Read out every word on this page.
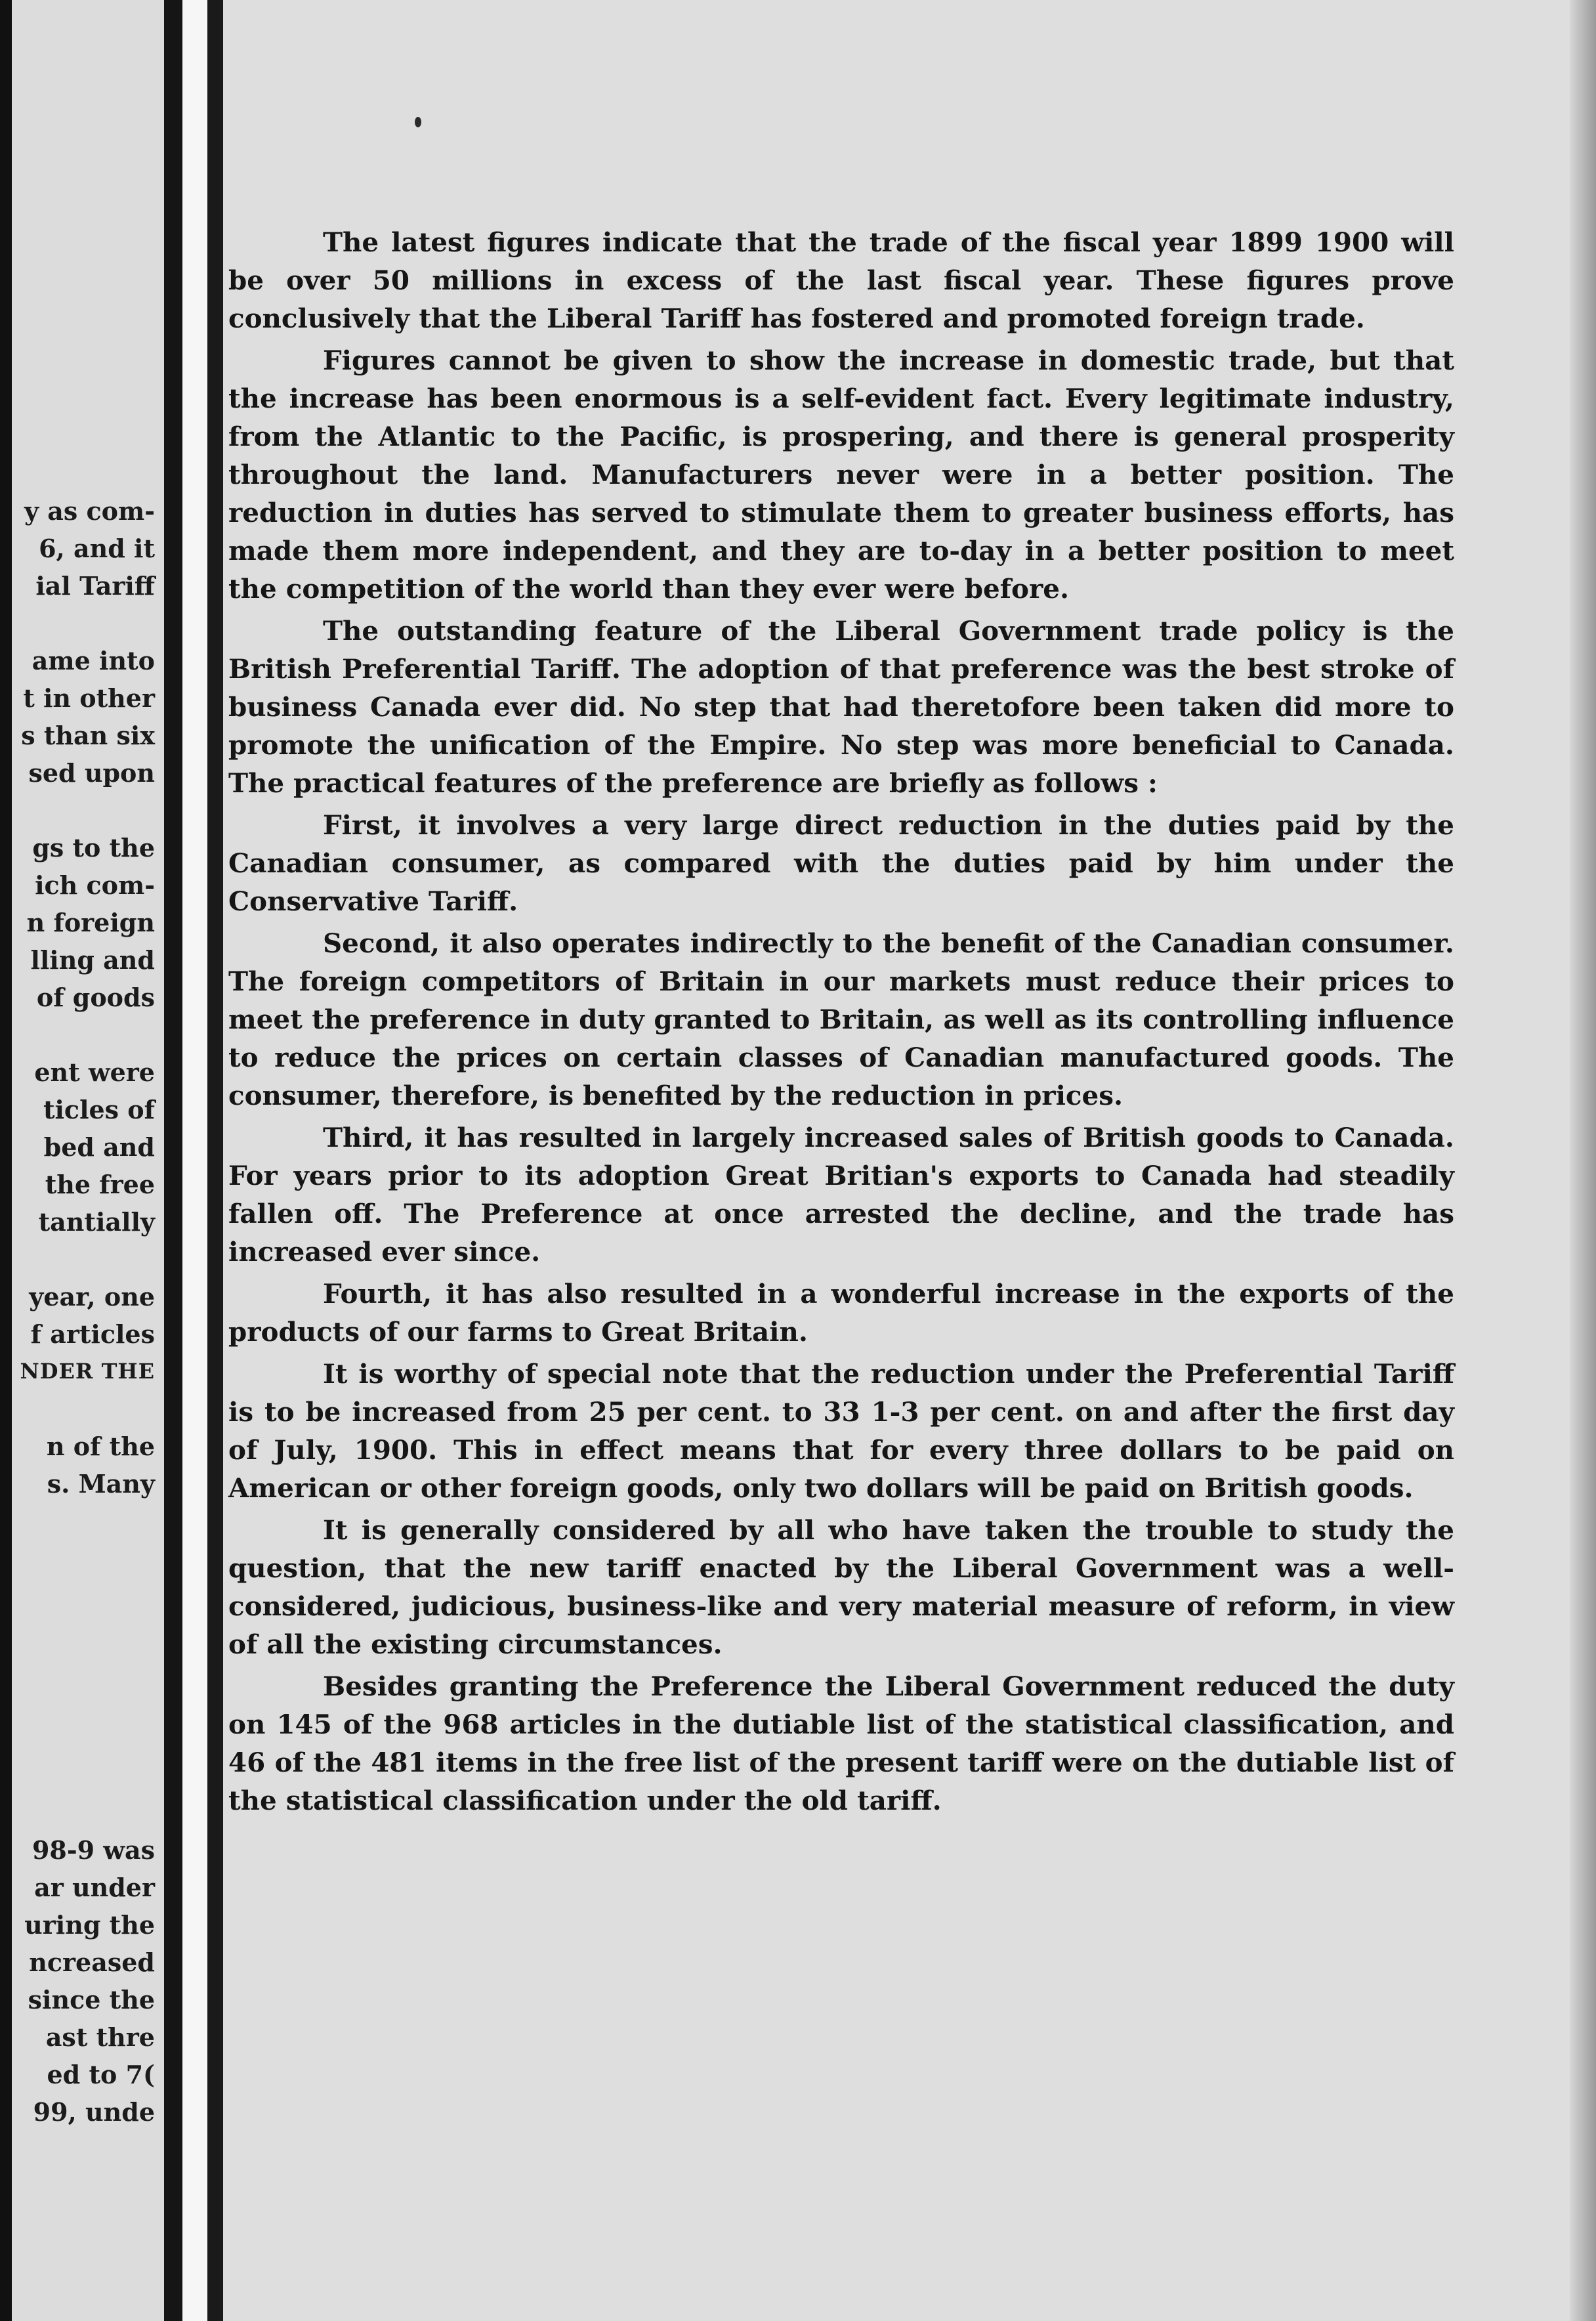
y as com-
6, and it
ial Tariff
ame into
t in other
s than six
sed upon
gs to the
ich com-
n foreign
lling and
of goods
ent were
ticles of
bed and
the free
tantially
year, one
f articles
NDER THE
n of the
s. Many
98-9 was
ar under
uring the
ncreased
since the
ast thre
ed to 7(
99, unde

The latest figures indicate that the trade of the fiscal year 1899 1900 will be over 50 millions in excess of the last fiscal year. These figures prove conclusively that the Liberal Tariff has fostered and promoted foreign trade.

Figures cannot be given to show the increase in domestic trade, but that the increase has been enormous is a self-evident fact. Every legitimate industry, from the Atlantic to the Pacific, is prospering, and there is general prosperity throughout the land. Manufacturers never were in a better position. The reduction in duties has served to stimulate them to greater business efforts, has made them more independent, and they are to-day in a better position to meet the competition of the world than they ever were before.

The outstanding feature of the Liberal Government trade policy is the British Preferential Tariff. The adoption of that preference was the best stroke of business Canada ever did. No step that had theretofore been taken did more to promote the unification of the Empire. No step was more beneficial to Canada. The practical features of the preference are briefly as follows :

First, it involves a very large direct reduction in the duties paid by the Canadian consumer, as compared with the duties paid by him under the Conservative Tariff.

Second, it also operates indirectly to the benefit of the Canadian consumer. The foreign competitors of Britain in our markets must reduce their prices to meet the preference in duty granted to Britain, as well as its controlling influence to reduce the prices on certain classes of Canadian manufactured goods. The consumer, therefore, is benefited by the reduction in prices.

Third, it has resulted in largely increased sales of British goods to Canada. For years prior to its adoption Great Britian's exports to Canada had steadily fallen off. The Preference at once arrested the decline, and the trade has increased ever since.

Fourth, it has also resulted in a wonderful increase in the exports of the products of our farms to Great Britain.

It is worthy of special note that the reduction under the Preferential Tariff is to be increased from 25 per cent. to 33 1-3 per cent. on and after the first day of July, 1900. This in effect means that for every three dollars to be paid on American or other foreign goods, only two dollars will be paid on British goods.

It is generally considered by all who have taken the trouble to study the question, that the new tariff enacted by the Liberal Government was a well-considered, judicious, business-like and very material measure of reform, in view of all the existing circumstances.

Besides granting the Preference the Liberal Government reduced the duty on 145 of the 968 articles in the dutiable list of the statistical classification, and 46 of the 481 items in the free list of the present tariff were on the dutiable list of the statistical classification under the old tariff.
